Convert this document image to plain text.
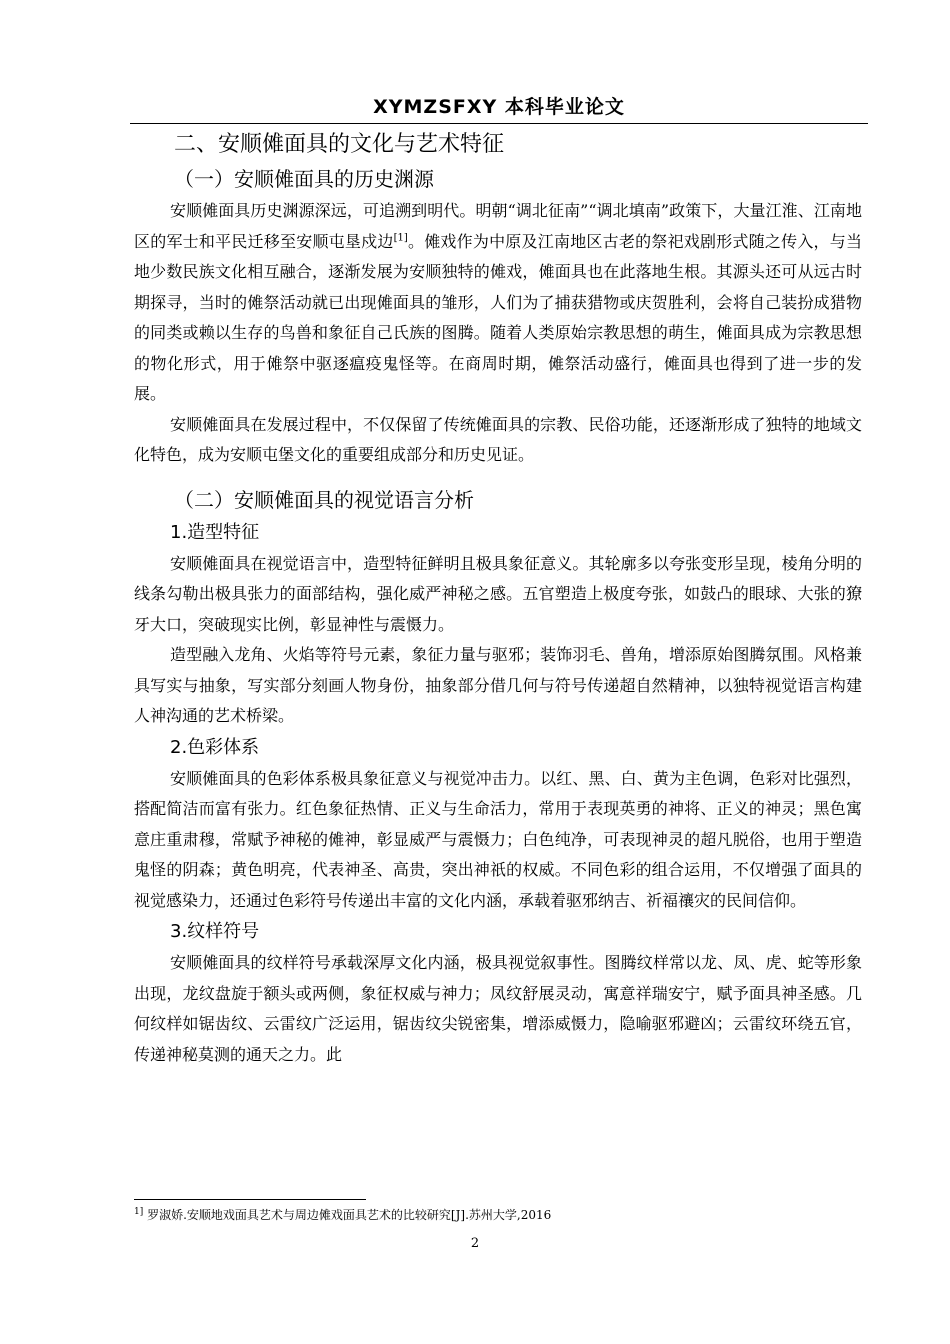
XYMZSFXY 本科毕业论文
二、安顺傩面具的文化与艺术特征
（一）安顺傩面具的历史渊源

安顺傩面具历史渊源深远，可追溯到明代。明朝“调北征南”“调北填南”政策下，大量江淮、江南地区的军士和平民迁移至安顺屯垦戍边[1]。傩戏作为中原及江南地区古老的祭祀戏剧形式随之传入，与当地少数民族文化相互融合，逐渐发展为安顺独特的傩戏，傩面具也在此落地生根。其源头还可从远古时期探寻，当时的傩祭活动就已出现傩面具的雏形，人们为了捕获猎物或庆贺胜利，会将自己装扮成猎物的同类或赖以生存的鸟兽和象征自己氏族的图腾。随着人类原始宗教思想的萌生，傩面具成为宗教思想的物化形式，用于傩祭中驱逐瘟疫鬼怪等。在商周时期，傩祭活动盛行，傩面具也得到了进一步的发展。

安顺傩面具在发展过程中，不仅保留了传统傩面具的宗教、民俗功能，还逐渐形成了独特的地域文化特色，成为安顺屯堡文化的重要组成部分和历史见证。

（二）安顺傩面具的视觉语言分析
1.造型特征

安顺傩面具在视觉语言中，造型特征鲜明且极具象征意义。其轮廓多以夸张变形呈现，棱角分明的线条勾勒出极具张力的面部结构，强化威严神秘之感。五官塑造上极度夸张，如鼓凸的眼球、大张的獠牙大口，突破现实比例，彰显神性与震慑力。

造型融入龙角、火焰等符号元素，象征力量与驱邪；装饰羽毛、兽角，增添原始图腾氛围。风格兼具写实与抽象，写实部分刻画人物身份，抽象部分借几何与符号传递超自然精神，以独特视觉语言构建人神沟通的艺术桥梁。

2.色彩体系

安顺傩面具的色彩体系极具象征意义与视觉冲击力。以红、黑、白、黄为主色调，色彩对比强烈，搭配简洁而富有张力。红色象征热情、正义与生命活力，常用于表现英勇的神将、正义的神灵；黑色寓意庄重肃穆，常赋予神秘的傩神，彰显威严与震慑力；白色纯净，可表现神灵的超凡脱俗，也用于塑造鬼怪的阴森；黄色明亮，代表神圣、高贵，突出神祇的权威。不同色彩的组合运用，不仅增强了面具的视觉感染力，还通过色彩符号传递出丰富的文化内涵，承载着驱邪纳吉、祈福禳灾的民间信仰。

3.纹样符号

安顺傩面具的纹样符号承载深厚文化内涵，极具视觉叙事性。图腾纹样常以龙、凤、虎、蛇等形象出现，龙纹盘旋于额头或两侧，象征权威与神力；凤纹舒展灵动，寓意祥瑞安宁，赋予面具神圣感。几何纹样如锯齿纹、云雷纹广泛运用，锯齿纹尖锐密集，增添威慑力，隐喻驱邪避凶；云雷纹环绕五官，传递神秘莫测的通天之力。此

$^{1]}$ 罗淑娇.安顺地戏面具艺术与周边傩戏面具艺术的比较研究[J].苏州大学,2016
2
